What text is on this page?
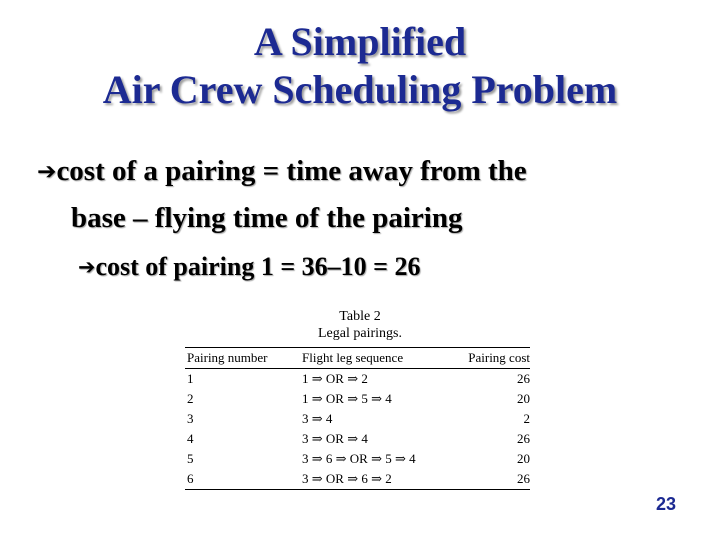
A Simplified
Air Crew Scheduling Problem
➔cost of a pairing = time away from the
base – flying time of the pairing
➔cost of pairing 1 = 36–10 = 26
Table 2
Legal pairings.
Pairing number	Flight leg sequence	Pairing cost
1	1 ⇒ OR ⇒ 2	26
2	1 ⇒ OR ⇒ 5 ⇒ 4	20
3	3 ⇒ 4	2
4	3 ⇒ OR ⇒ 4	26
5	3 ⇒ 6 ⇒ OR ⇒ 5 ⇒ 4	20
6	3 ⇒ OR ⇒ 6 ⇒ 2	26
23
